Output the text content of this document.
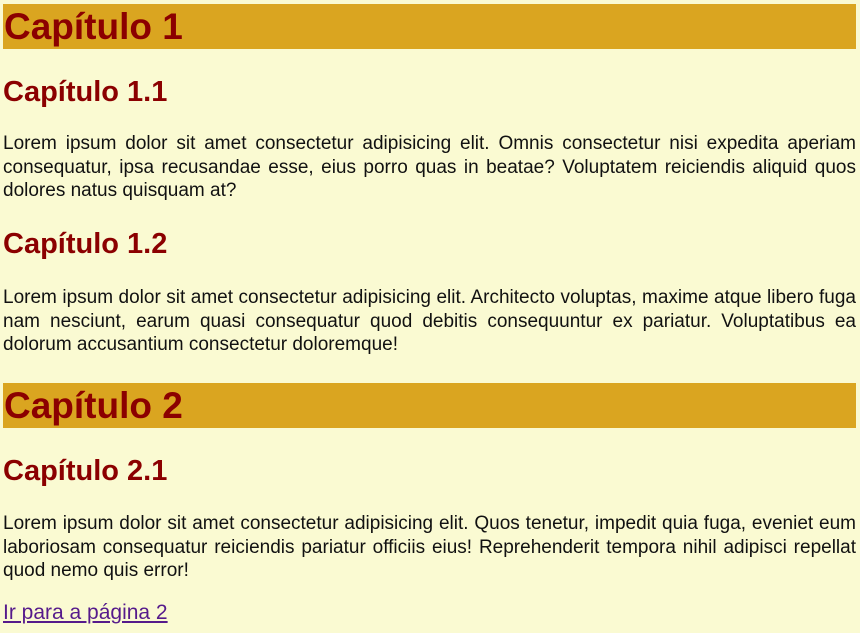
Capítulo 1
Capítulo 1.1

Lorem ipsum dolor sit amet consectetur adipisicing elit. Omnis consectetur nisi expedita aperiam consequatur, ipsa recusandae esse, eius porro quas in beatae? Voluptatem reiciendis aliquid quos dolores natus quisquam at?

Capítulo 1.2

Lorem ipsum dolor sit amet consectetur adipisicing elit. Architecto voluptas, maxime atque libero fuga nam nesciunt, earum quasi consequatur quod debitis consequuntur ex pariatur. Voluptatibus ea dolorum accusantium consectetur doloremque!

Capítulo 2
Capítulo 2.1

Lorem ipsum dolor sit amet consectetur adipisicing elit. Quos tenetur, impedit quia fuga, eveniet eum laboriosam consequatur reiciendis pariatur officiis eius! Reprehenderit tempora nihil adipisci repellat quod nemo quis error!

Ir para a página 2
